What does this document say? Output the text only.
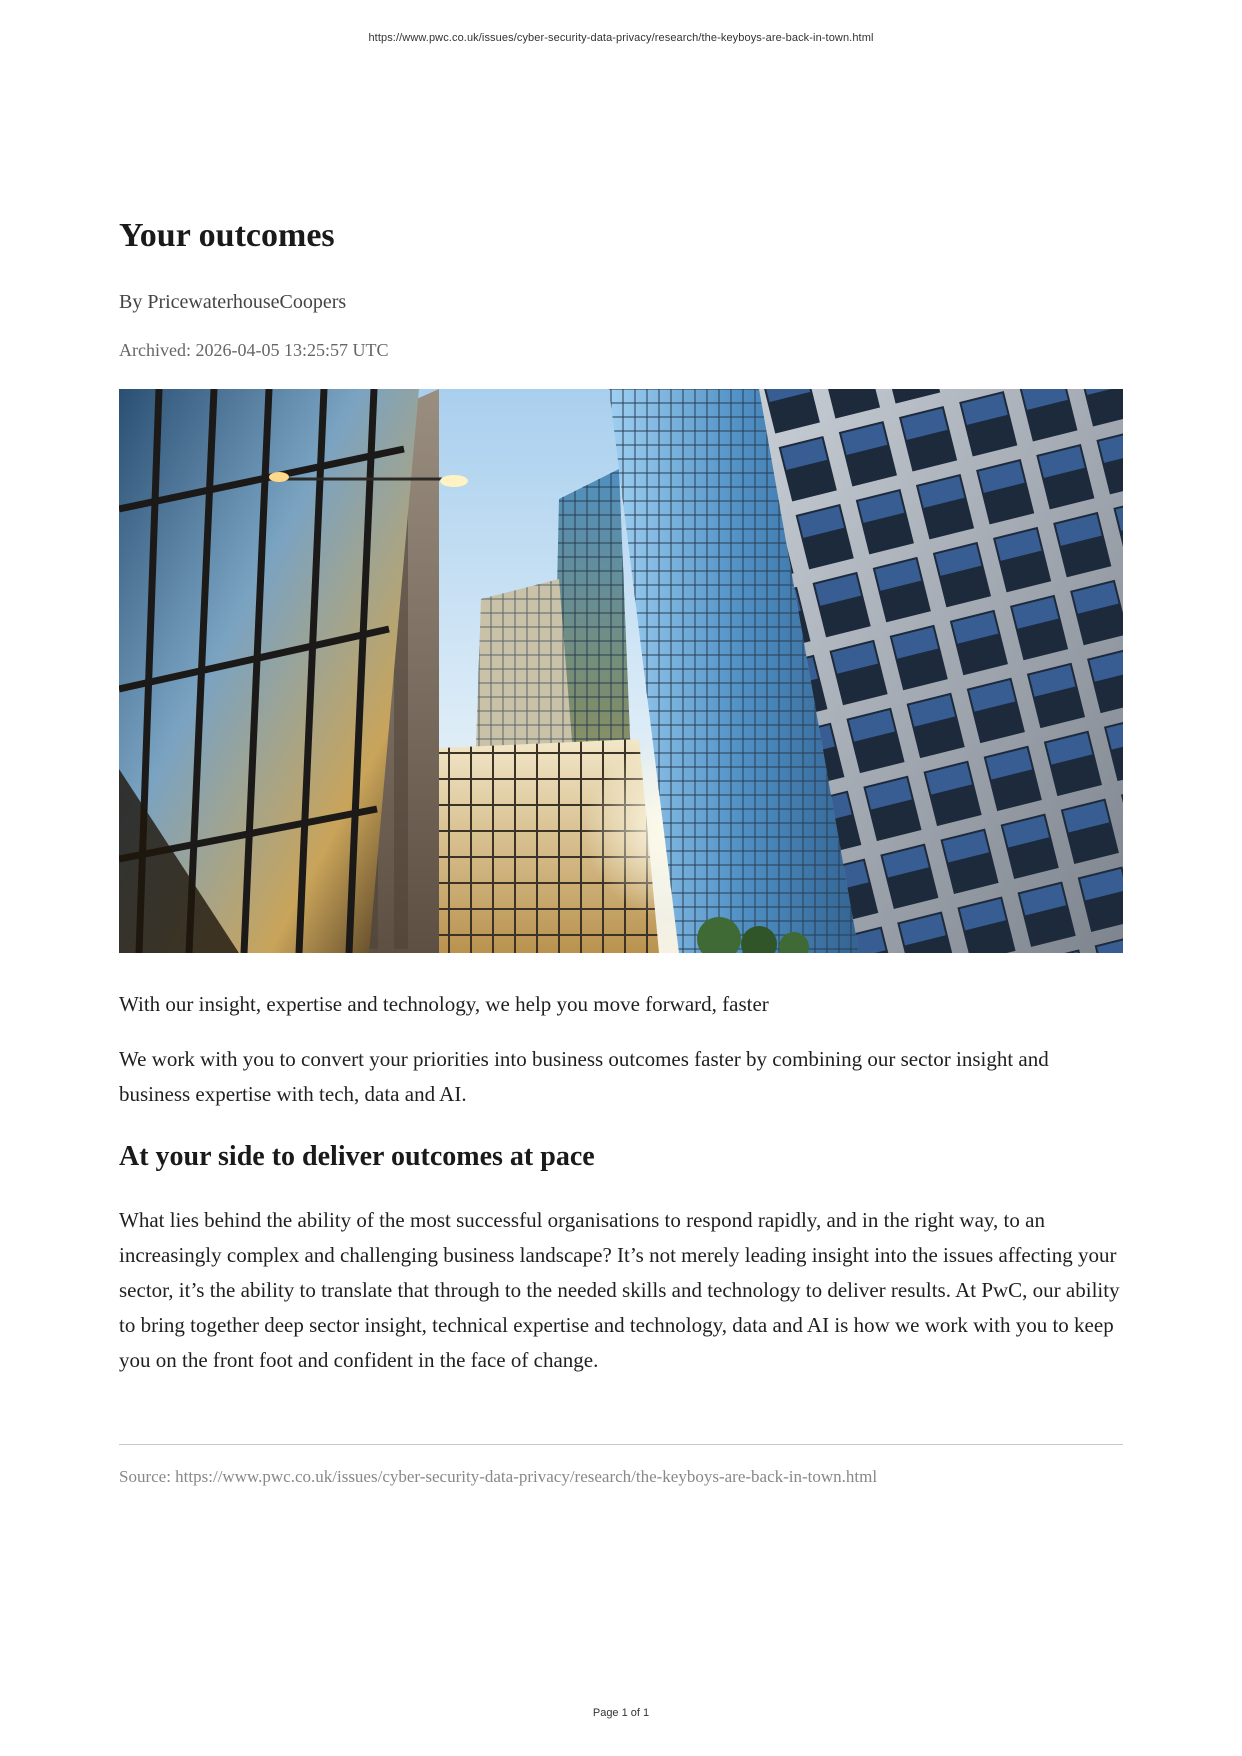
https://www.pwc.co.uk/issues/cyber-security-data-privacy/research/the-keyboys-are-back-in-town.html
Your outcomes
By PricewaterhouseCoopers
Archived: 2026-04-05 13:25:57 UTC
With our insight, expertise and technology, we help you move forward, faster

We work with you to convert your priorities into business outcomes faster by combining our sector insight and business expertise with tech, data and AI.

At your side to deliver outcomes at pace

What lies behind the ability of the most successful organisations to respond rapidly, and in the right way, to an increasingly complex and challenging business landscape? It’s not merely leading insight into the issues affecting your sector, it’s the ability to translate that through to the needed skills and technology to deliver results. At PwC, our ability to bring together deep sector insight, technical expertise and technology, data and AI is how we work with you to keep you on the front foot and confident in the face of change.

Source: https://www.pwc.co.uk/issues/cyber-security-data-privacy/research/the-keyboys-are-back-in-town.html
Page 1 of 1
